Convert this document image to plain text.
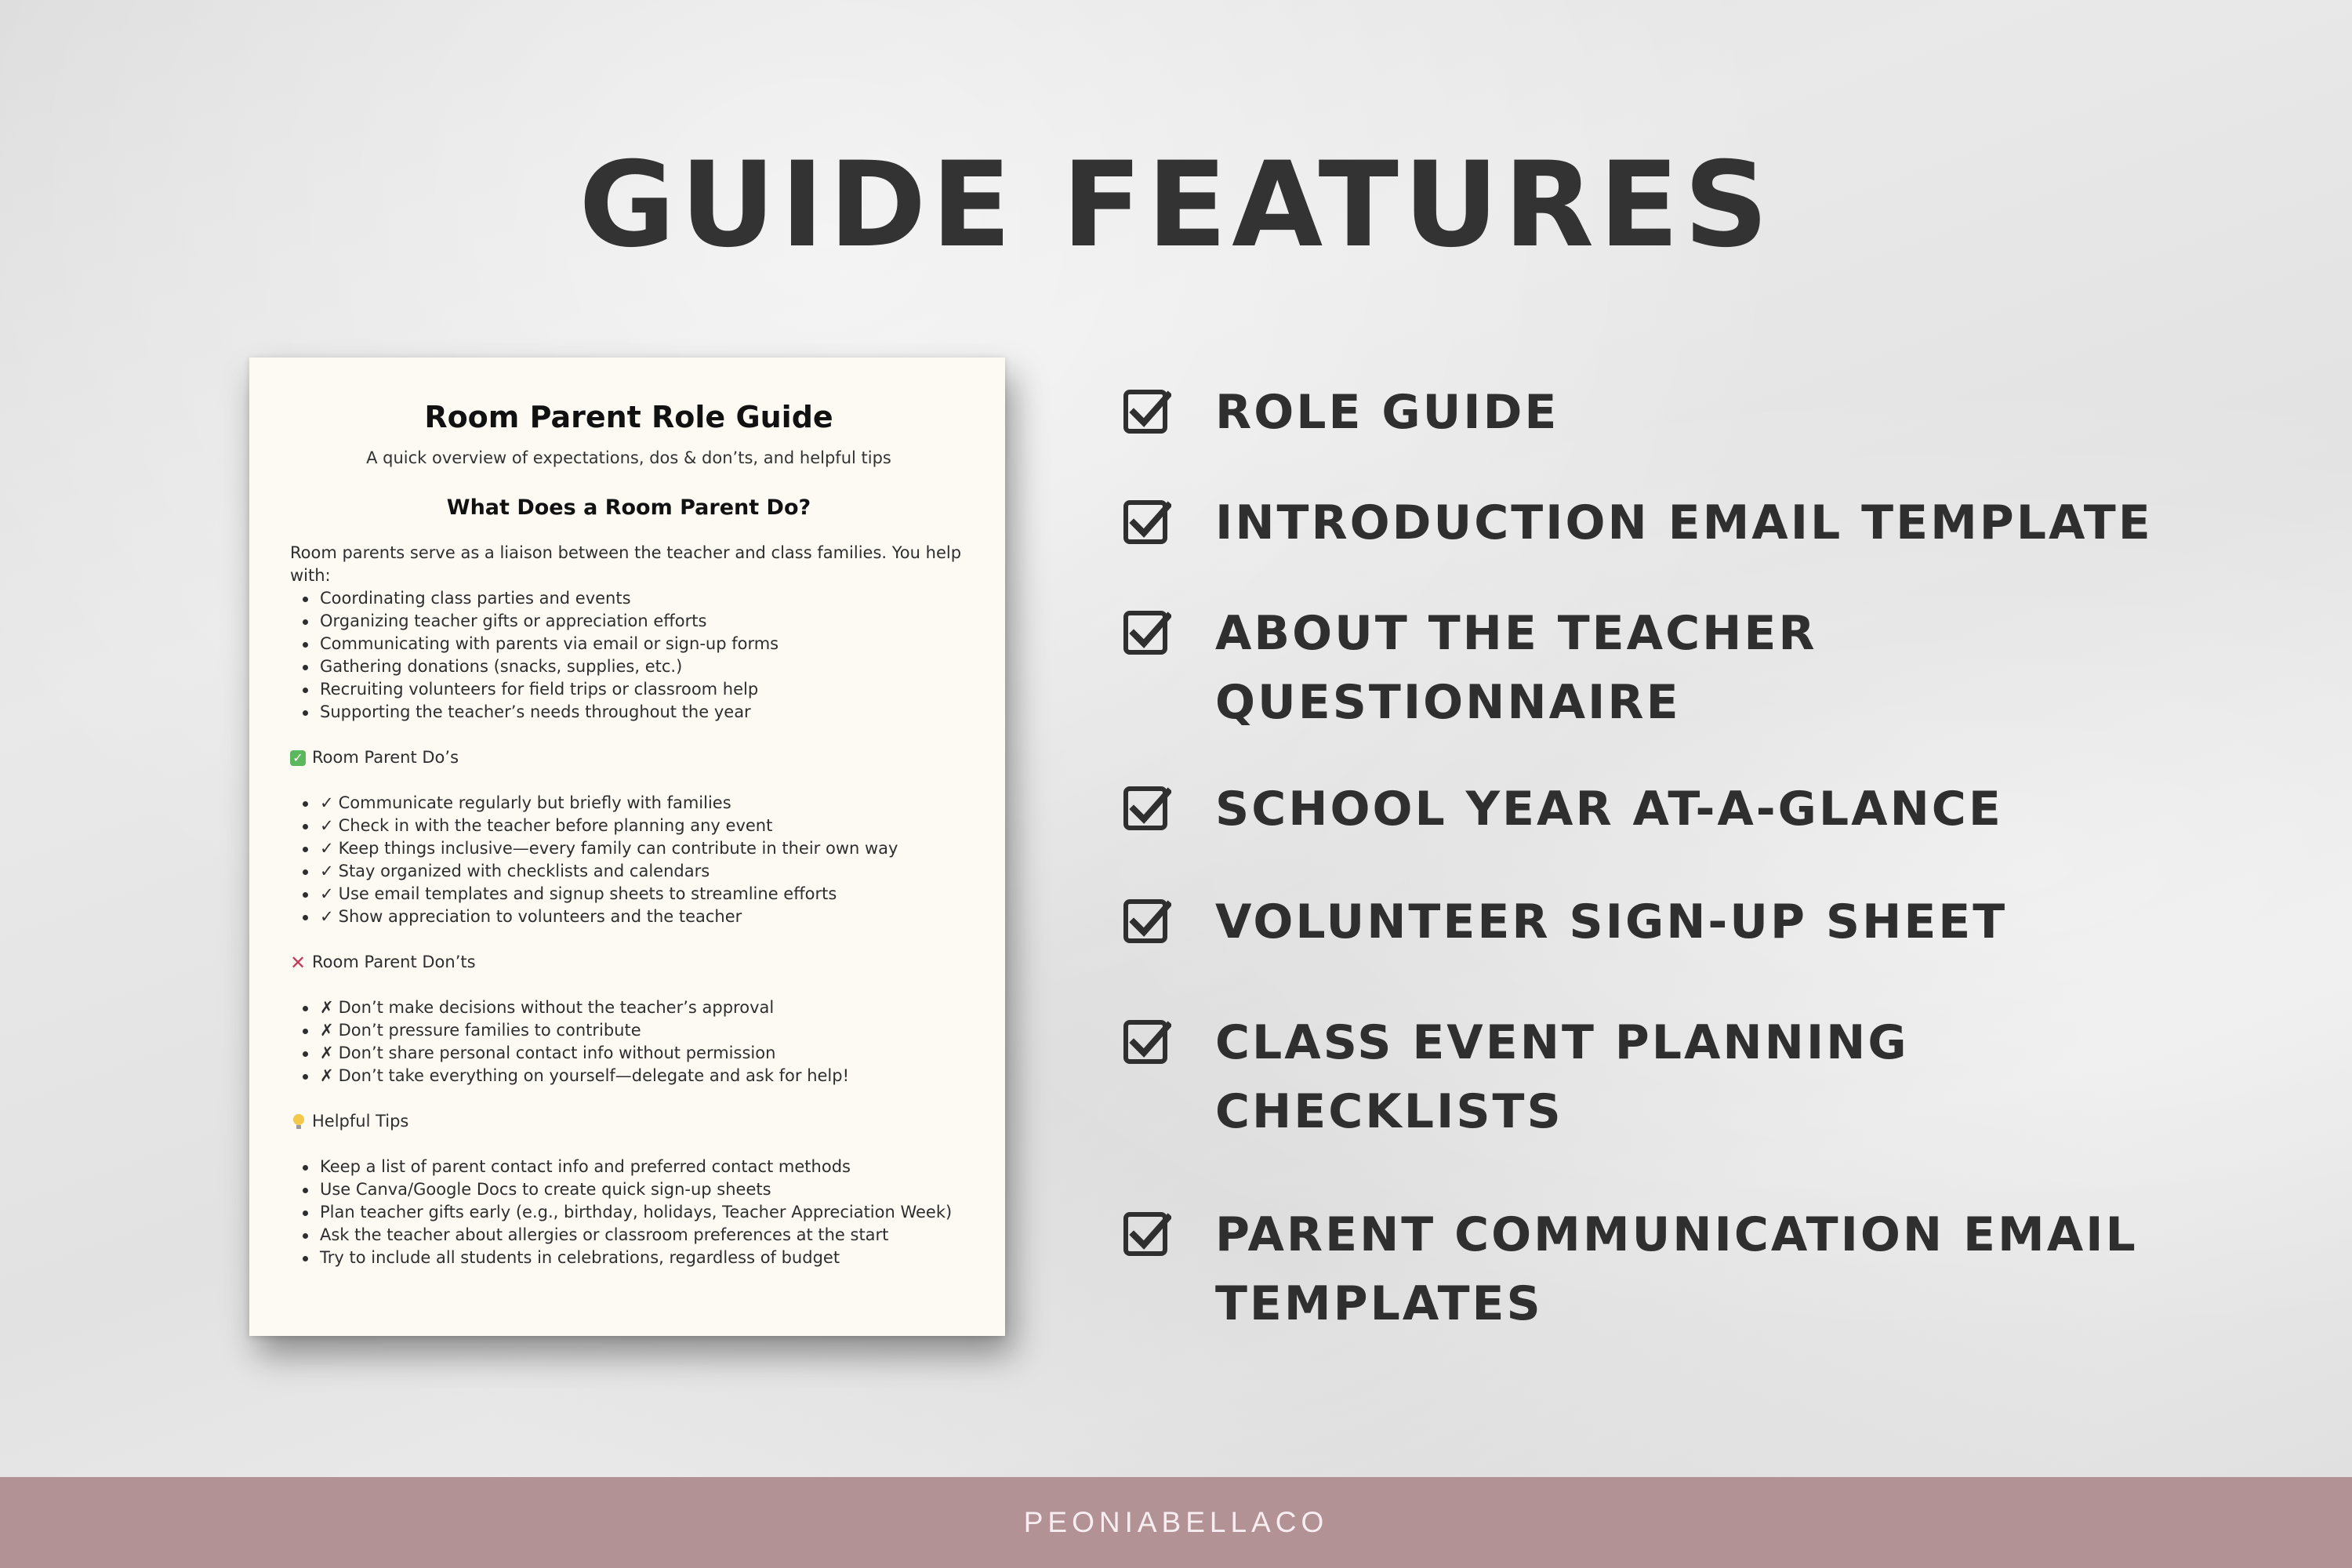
GUIDE FEATURES
Room Parent Role Guide
A quick overview of expectations, dos & don’ts, and helpful tips
What Does a Room Parent Do?

Room parents serve as a liaison between the teacher and class families. You help with:

Coordinating class parties and events
Organizing teacher gifts or appreciation efforts
Communicating with parents via email or sign-up forms
Gathering donations (snacks, supplies, etc.)
Recruiting volunteers for field trips or classroom help
Supporting the teacher’s needs throughout the year
✓ Room Parent Do’s
✓ Communicate regularly but briefly with families
✓ Check in with the teacher before planning any event
✓ Keep things inclusive—every family can contribute in their own way
✓ Stay organized with checklists and calendars
✓ Use email templates and signup sheets to streamline efforts
✓ Show appreciation to volunteers and the teacher
✕ Room Parent Don’ts
✗ Don’t make decisions without the teacher’s approval
✗ Don’t pressure families to contribute
✗ Don’t share personal contact info without permission
✗ Don’t take everything on yourself—delegate and ask for help!
Helpful Tips
Keep a list of parent contact info and preferred contact methods
Use Canva/Google Docs to create quick sign-up sheets
Plan teacher gifts early (e.g., birthday, holidays, Teacher Appreciation Week)
Ask the teacher about allergies or classroom preferences at the start
Try to include all students in celebrations, regardless of budget
ROLE GUIDE
INTRODUCTION EMAIL TEMPLATE
ABOUT THE TEACHER QUESTIONNAIRE
SCHOOL YEAR AT-A-GLANCE
VOLUNTEER SIGN-UP SHEET
CLASS EVENT PLANNING CHECKLISTS
PARENT COMMUNICATION EMAIL TEMPLATES
PEONIABELLACO
